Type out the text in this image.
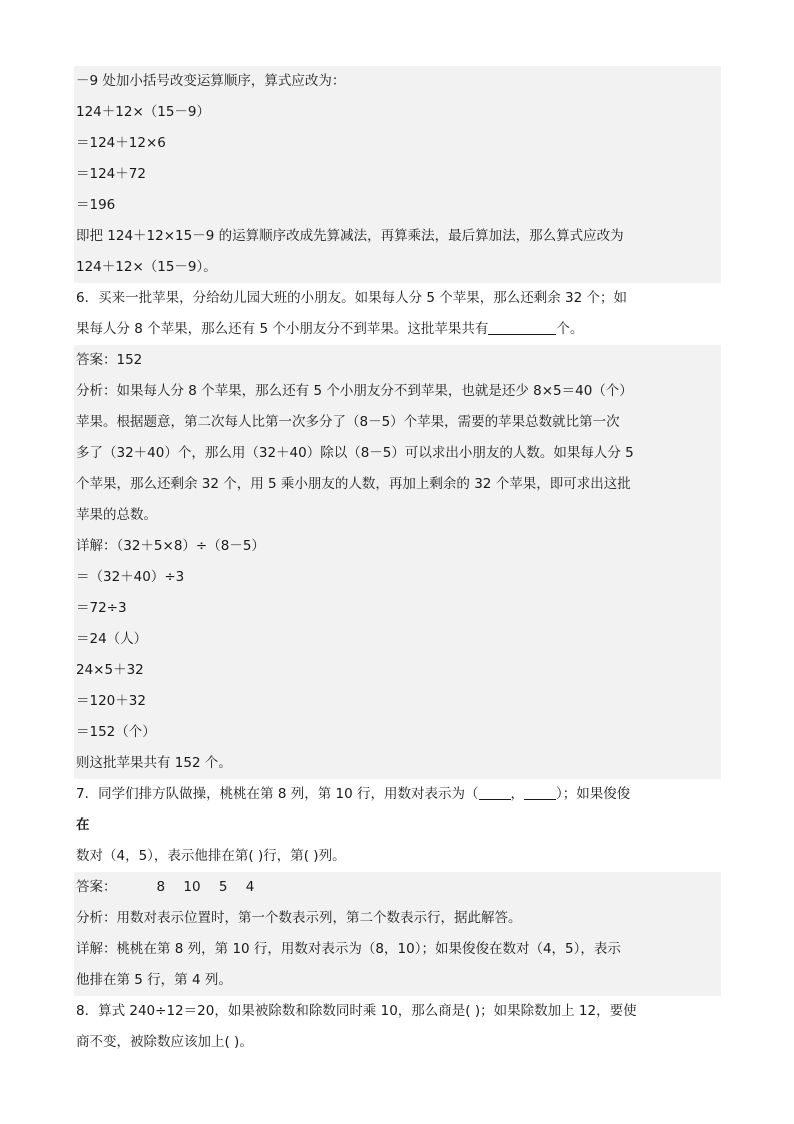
－9 处加小括号改变运算顺序，算式应改为：
124＋12×（15－9）
＝124＋12×6
＝124＋72
＝196
即把 124＋12×15－9 的运算顺序改成先算减法，再算乘法，最后算加法，那么算式应改为
124＋12×（15－9）。
6．买来一批苹果，分给幼儿园大班的小朋友。如果每人分 5 个苹果，那么还剩余 32 个；如
果每人分 8 个苹果，那么还有 5 个小朋友分不到苹果。这批苹果共有	个。
答案：152
分析：如果每人分 8 个苹果，那么还有 5 个小朋友分不到苹果，也就是还少 8×5＝40（个）
苹果。根据题意，第二次每人比第一次多分了（8－5）个苹果，需要的苹果总数就比第一次
多了（32＋40）个，那么用（32＋40）除以（8－5）可以求出小朋友的人数。如果每人分 5
个苹果，那么还剩余 32 个，用 5 乘小朋友的人数，再加上剩余的 32 个苹果，即可求出这批
苹果的总数。
详解：（32＋5×8）÷（8－5）
＝（32＋40）÷3
＝72÷3
＝24（人）
24×5＋32
＝120＋32
＝152（个）
则这批苹果共有 152 个。
7．同学们排方队做操，桃桃在第 8 列，第 10 行，用数对表示为（ ， ）；如果俊俊
在
数对（4，5），表示他排在第( )行，第( )列。
答案：	8 10 5 4
分析：用数对表示位置时，第一个数表示列，第二个数表示行，据此解答。
详解：桃桃在第 8 列，第 10 行，用数对表示为（8，10）；如果俊俊在数对（4，5），表示
他排在第 5 行，第 4 列。
8．算式 240÷12＝20，如果被除数和除数同时乘 10，那么商是( )；如果除数加上 12，要使
商不变，被除数应该加上( )。
